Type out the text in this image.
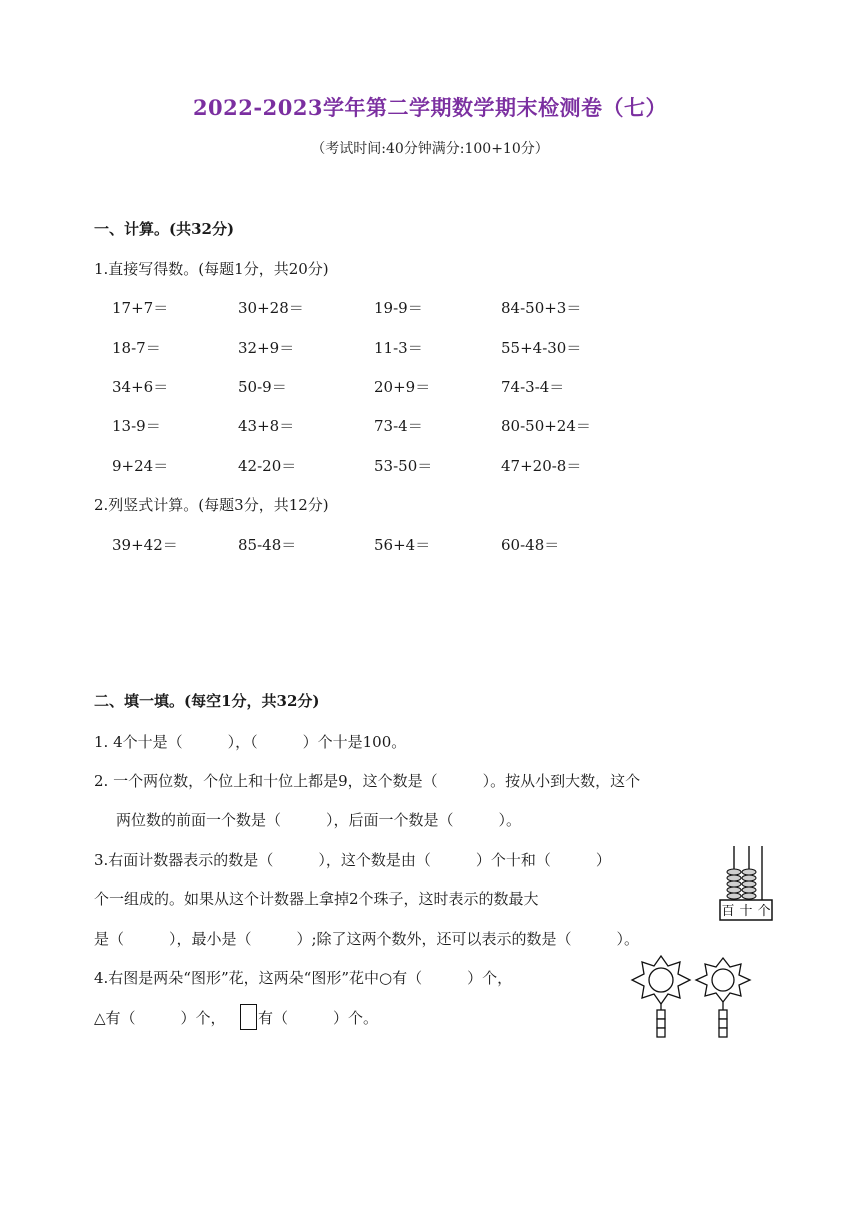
2022-2023学年第二学期数学期末检测卷（七）
（考试时间:40分钟满分:100+10分）
一、计算。(共32分)
1.直接写得数。(每题1分，共20分)
17+7＝	30+28＝	19-9＝	84-50+3＝
18-7＝	32+9＝	11-3＝	55+4-30＝
34+6＝	50-9＝	20+9＝	74-3-4＝
13-9＝	43+8＝	73-4＝	80-50+24＝
9+24＝	42-20＝	53-50＝	47+20-8＝
2.列竖式计算。(每题3分，共12分)
39+42＝	85-48＝	56+4＝	60-48＝
二、填一填。(每空1分，共32分)
1. 4个十是（　　　），（　　　）个十是100。
2. 一个两位数，个位上和十位上都是9，这个数是（　　　）。按从小到大数，这个
两位数的前面一个数是（　　　），后面一个数是（　　　）。
3.右面计数器表示的数是（　　　），这个数是由（　　　）个十和（　　　）
个一组成的。如果从这个计数器上拿掉2个珠子，这时表示的数最大
是（　　　），最小是（　　　）;除了这两个数外，还可以表示的数是（　　　）。
4.右图是两朵“图形”花，这两朵“图形”花中○有（　　　）个，
△有（　　　）个， 有（　　　）个。
百 十 个
